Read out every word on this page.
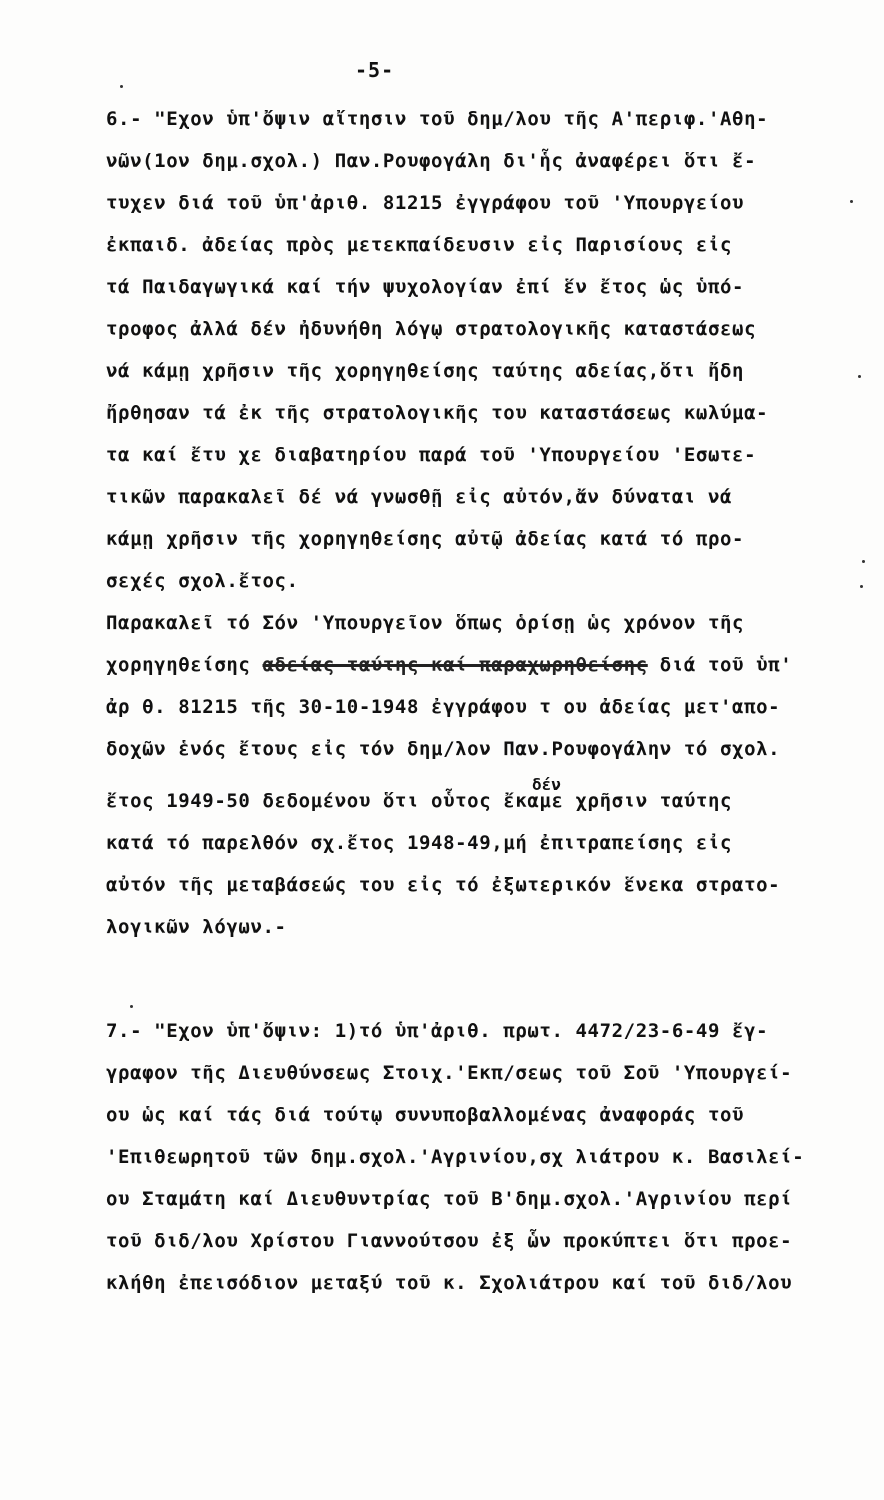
-5-
6.- "Εχον ὑπ'ὄψιν αἴτησιν τοῦ δημ/λου τῆς Α'περιφ.'Αθη-
νῶν(1ον δημ.σχολ.) Παν.Ρουφογάλη δι'ἧς ἀναφέρει ὅτι ἔ-
τυχεν διά τοῦ ὑπ'ἀριθ. 81215 ἐγγράφου τοῦ 'Υπουργείου
ἐκπαιδ. ἀδείας πρὸς μετεκπαίδευσιν εἰς Παρισίους εἰς
τά Παιδαγωγικά καί τήν ψυχολογίαν ἐπί ἕν ἔτος ὡς ὑπό-
τροφος ἀλλά δέν ἠδυνήθη λόγῳ στρατολογικῆς καταστάσεως
νά κάμῃ χρῆσιν τῆς χορηγηθείσης ταύτης αδείας,ὅτι ἤδη
ἤρθησαν τά ἐκ τῆς στρατολογικῆς του καταστάσεως κωλύμα-
τα καί ἔτυ χε διαβατηρίου παρά τοῦ 'Υπουργείου 'Εσωτε-
τικῶν παρακαλεῖ δέ νά γνωσθῇ εἰς αὐτόν,ἄν δύναται νά
κάμῃ χρῆσιν τῆς χορηγηθείσης αὐτῷ ἀδείας κατά τό προ-
σεχές σχολ.ἔτος.
Παρακαλεῖ τό Σόν 'Υπουργεῖον ὅπως ὁρίσῃ ὡς χρόνον τῆς
χορηγηθείσης αδείας ταύτης καί παραχωρηθείσης διά τοῦ ὑπ'
ἀρ θ. 81215 τῆς 30-10-1948 ἐγγράφου τ ου ἀδείας μετ'απο-
δοχῶν ἑνός ἔτους εἰς τόν δημ/λον Παν.Ρουφογάλην τό σχολ.
δέν
ἔτος 1949-50 δεδομένου ὅτι οὗτος ἔκαμε χρῆσιν ταύτης
κατά τό παρελθόν σχ.ἔτος 1948-49,μή ἐπιτραπείσης εἰς
αὐτόν τῆς μεταβάσεώς του εἰς τό ἐξωτερικόν ἕνεκα στρατο-
λογικῶν λόγων.-
7.- "Εχον ὑπ'ὄψιν: 1)τό ὑπ'ἀριθ. πρωτ. 4472/23-6-49 ἔγ-
γραφον τῆς Διευθύνσεως Στοιχ.'Εκπ/σεως τοῦ Σοῦ 'Υπουργεί-
ου ὡς καί τάς διά τούτῳ συνυποβαλλομένας ἀναφοράς τοῦ
'Επιθεωρητοῦ τῶν δημ.σχολ.'Αγρινίου,σχ λιάτρου κ. Βασιλεί-
ου Σταμάτη καί Διευθυντρίας τοῦ Β'δημ.σχολ.'Αγρινίου περί
τοῦ διδ/λου Χρίστου Γιαννούτσου ἐξ ὧν προκύπτει ὅτι προε-
κλήθη ἐπεισόδιον μεταξύ τοῦ κ. Σχολιάτρου καί τοῦ διδ/λου
